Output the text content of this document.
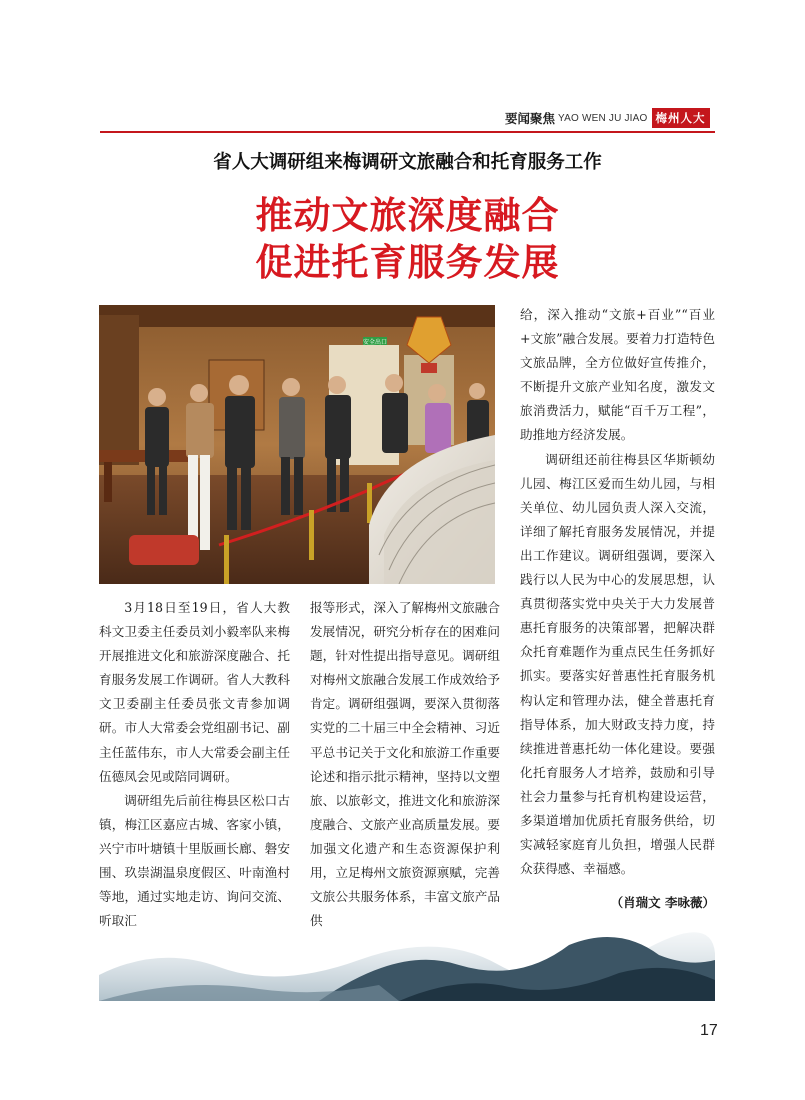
要闻聚焦 YAO WEN JU JIAO 梅州人大
省人大调研组来梅调研文旅融合和托育服务工作
推动文旅深度融合
促进托育服务发展
安全出口

3月18日至19日，省人大教科文卫委主任委员刘小毅率队来梅开展推进文化和旅游深度融合、托育服务发展工作调研。省人大教科文卫委副主任委员张文青参加调研。市人大常委会党组副书记、副主任蓝伟东，市人大常委会副主任伍德凤会见或陪同调研。

调研组先后前往梅县区松口古镇，梅江区嘉应古城、客家小镇，兴宁市叶塘镇十里版画长廊、磐安围、玖崇湖温泉度假区、叶南渔村等地，通过实地走访、询问交流、听取汇

报等形式，深入了解梅州文旅融合发展情况，研究分析存在的困难问题，针对性提出指导意见。调研组对梅州文旅融合发展工作成效给予肯定。调研组强调，要深入贯彻落实党的二十届三中全会精神、习近平总书记关于文化和旅游工作重要论述和指示批示精神，坚持以文塑旅、以旅彰文，推进文化和旅游深度融合、文旅产业高质量发展。要加强文化遗产和生态资源保护利用，立足梅州文旅资源禀赋，完善文旅公共服务体系，丰富文旅产品供

给，深入推动“文旅+百业”“百业+文旅”融合发展。要着力打造特色文旅品牌，全方位做好宣传推介，不断提升文旅产业知名度，激发文旅消费活力，赋能“百千万工程”，助推地方经济发展。

调研组还前往梅县区华斯顿幼儿园、梅江区爱而生幼儿园，与相关单位、幼儿园负责人深入交流，详细了解托育服务发展情况，并提出工作建议。调研组强调，要深入践行以人民为中心的发展思想，认真贯彻落实党中央关于大力发展普惠托育服务的决策部署，把解决群众托育难题作为重点民生任务抓好抓实。要落实好普惠性托育服务机构认定和管理办法，健全普惠托育指导体系，加大财政支持力度，持续推进普惠托幼一体化建设。要强化托育服务人才培养，鼓励和引导社会力量参与托育机构建设运营，多渠道增加优质托育服务供给，切实减轻家庭育儿负担，增强人民群众获得感、幸福感。

（肖瑞文 李咏薇）
17
